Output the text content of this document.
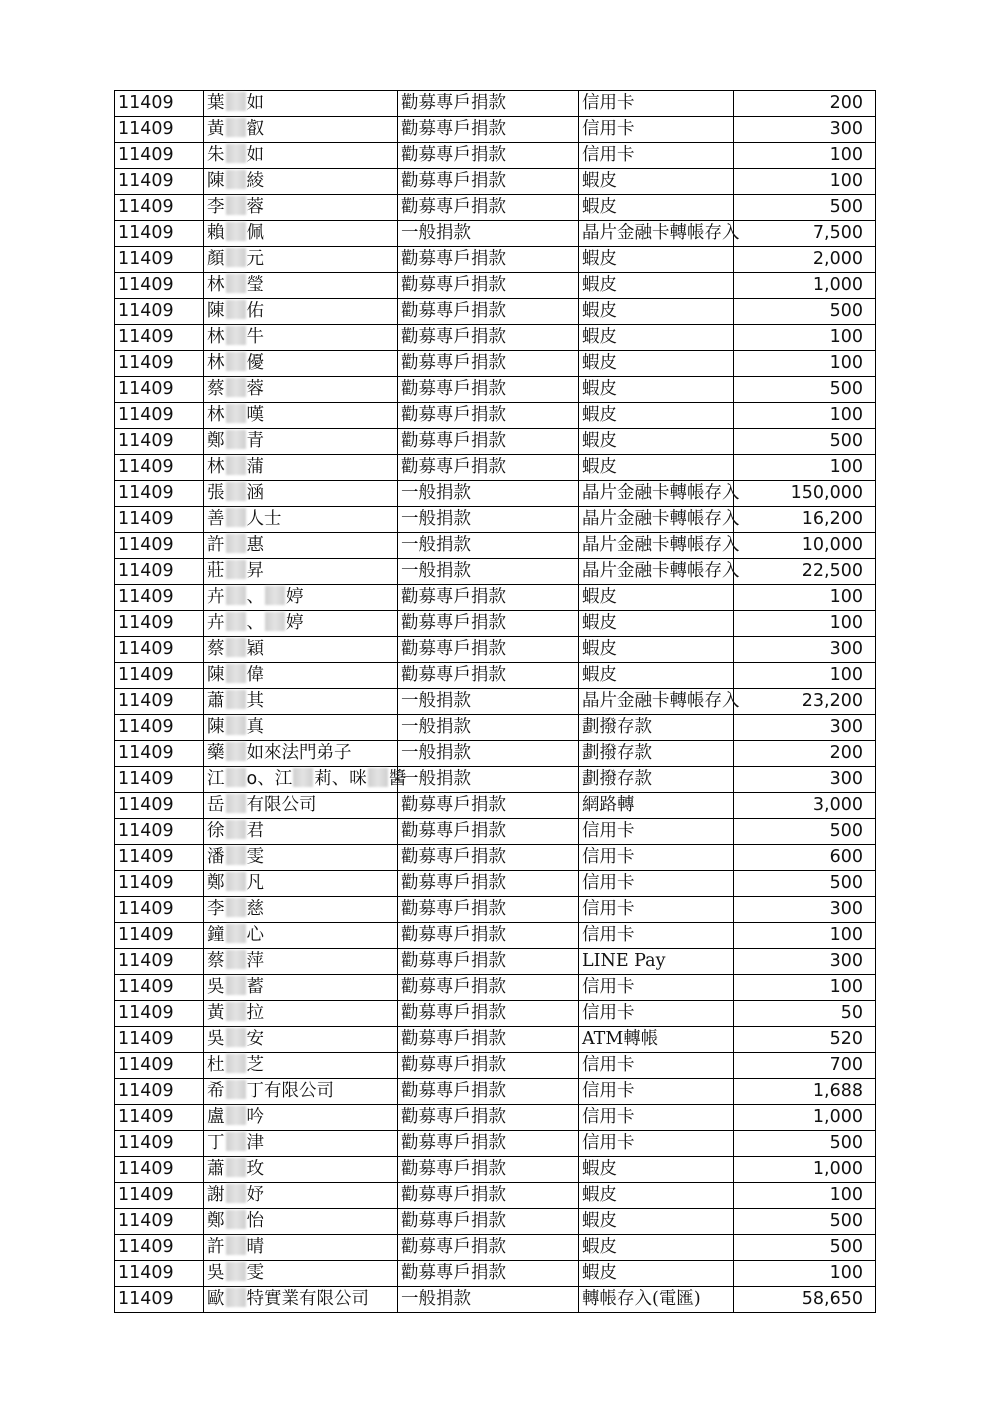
11409	葉 如	勸募專戶捐款	信用卡	200
11409	黃 叡	勸募專戶捐款	信用卡	300
11409	朱 如	勸募專戶捐款	信用卡	100
11409	陳 綾	勸募專戶捐款	蝦皮	100
11409	李 蓉	勸募專戶捐款	蝦皮	500
11409	賴 佩	一般捐款	晶片金融卡轉帳存入	7,500
11409	顏 元	勸募專戶捐款	蝦皮	2,000
11409	林 瑩	勸募專戶捐款	蝦皮	1,000
11409	陳 佑	勸募專戶捐款	蝦皮	500
11409	林 牛	勸募專戶捐款	蝦皮	100
11409	林 優	勸募專戶捐款	蝦皮	100
11409	蔡 蓉	勸募專戶捐款	蝦皮	500
11409	林 嘆	勸募專戶捐款	蝦皮	100
11409	鄭 青	勸募專戶捐款	蝦皮	500
11409	林 蒲	勸募專戶捐款	蝦皮	100
11409	張 涵	一般捐款	晶片金融卡轉帳存入	150,000
11409	善 人士	一般捐款	晶片金融卡轉帳存入	16,200
11409	許 惠	一般捐款	晶片金融卡轉帳存入	10,000
11409	莊 昇	一般捐款	晶片金融卡轉帳存入	22,500
11409	卉 、 婷	勸募專戶捐款	蝦皮	100
11409	卉 、 婷	勸募專戶捐款	蝦皮	100
11409	蔡 穎	勸募專戶捐款	蝦皮	300
11409	陳 偉	勸募專戶捐款	蝦皮	100
11409	蕭 其	一般捐款	晶片金融卡轉帳存入	23,200
11409	陳 真	一般捐款	劃撥存款	300
11409	藥 如來法門弟子	一般捐款	劃撥存款	200
11409	江 o、江 莉、咪 醬	一般捐款	劃撥存款	300
11409	岳 有限公司	勸募專戶捐款	網路轉	3,000
11409	徐 君	勸募專戶捐款	信用卡	500
11409	潘 雯	勸募專戶捐款	信用卡	600
11409	鄭 凡	勸募專戶捐款	信用卡	500
11409	李 慈	勸募專戶捐款	信用卡	300
11409	鐘 心	勸募專戶捐款	信用卡	100
11409	蔡 萍	勸募專戶捐款	LINE Pay	300
11409	吳 蓄	勸募專戶捐款	信用卡	100
11409	黃 拉	勸募專戶捐款	信用卡	50
11409	吳 安	勸募專戶捐款	ATM轉帳	520
11409	杜 芝	勸募專戶捐款	信用卡	700
11409	希 丁有限公司	勸募專戶捐款	信用卡	1,688
11409	盧 吟	勸募專戶捐款	信用卡	1,000
11409	丁 津	勸募專戶捐款	信用卡	500
11409	蕭 玫	勸募專戶捐款	蝦皮	1,000
11409	謝 妤	勸募專戶捐款	蝦皮	100
11409	鄭 怡	勸募專戶捐款	蝦皮	500
11409	許 晴	勸募專戶捐款	蝦皮	500
11409	吳 雯	勸募專戶捐款	蝦皮	100
11409	歐 特實業有限公司	一般捐款	轉帳存入(電匯)	58,650
